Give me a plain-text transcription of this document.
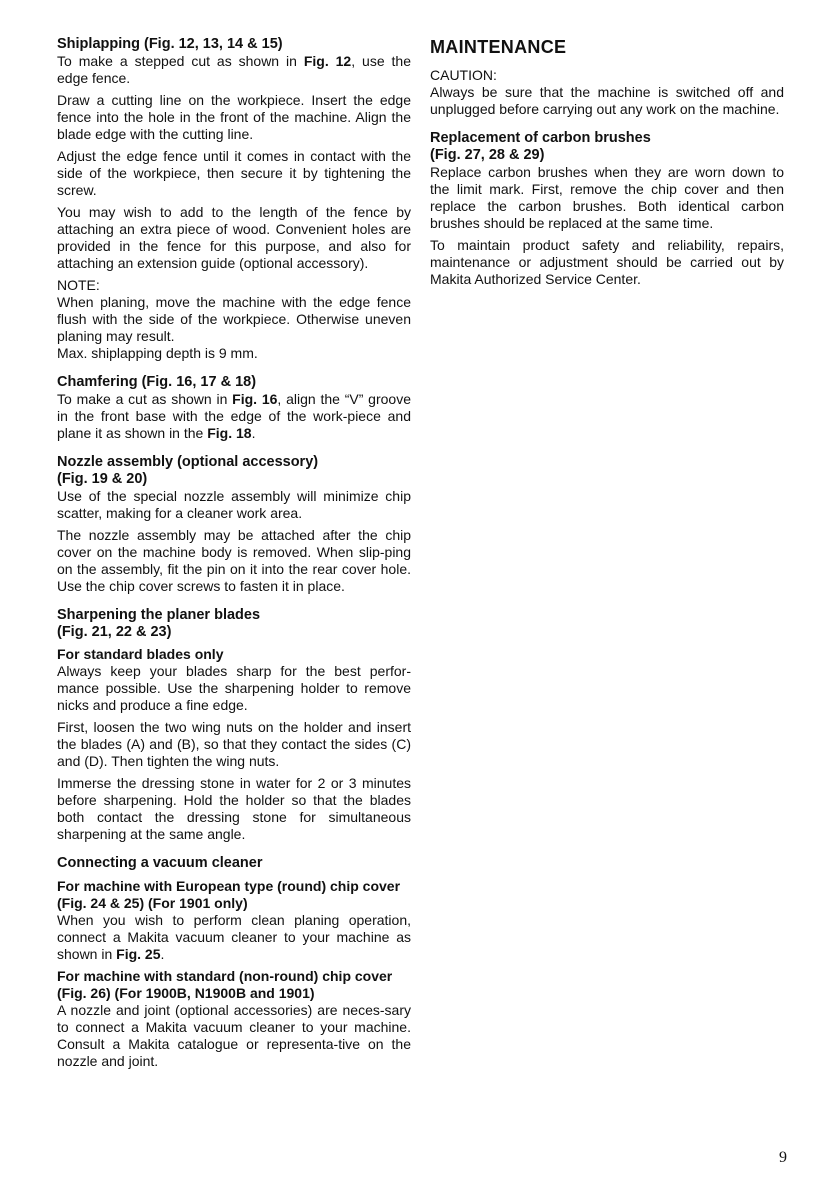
Shiplapping (Fig. 12, 13, 14 & 15)

To make a stepped cut as shown in Fig. 12, use the edge fence.

Draw a cutting line on the workpiece. Insert the edge fence into the hole in the front of the machine. Align the blade edge with the cutting line.

Adjust the edge fence until it comes in contact with the side of the workpiece, then secure it by tightening the screw.

You may wish to add to the length of the fence by attaching an extra piece of wood. Convenient holes are provided in the fence for this purpose, and also for attaching an extension guide (optional accessory).

NOTE:

When planing, move the machine with the edge fence flush with the side of the workpiece. Otherwise uneven planing may result.

Max. shiplapping depth is 9 mm.

Chamfering (Fig. 16, 17 & 18)

To make a cut as shown in Fig. 16, align the “V” groove in the front base with the edge of the work-piece and plane it as shown in the Fig. 18.

Nozzle assembly (optional accessory)
(Fig. 19 & 20)

Use of the special nozzle assembly will minimize chip scatter, making for a cleaner work area.

The nozzle assembly may be attached after the chip cover on the machine body is removed. When slip-ping on the assembly, fit the pin on it into the rear cover hole. Use the chip cover screws to fasten it in place.

Sharpening the planer blades
(Fig. 21, 22 & 23)
For standard blades only

Always keep your blades sharp for the best perfor-mance possible. Use the sharpening holder to remove nicks and produce a fine edge.

First, loosen the two wing nuts on the holder and insert the blades (A) and (B), so that they contact the sides (C) and (D). Then tighten the wing nuts.

Immerse the dressing stone in water for 2 or 3 minutes before sharpening. Hold the holder so that the blades both contact the dressing stone for simultaneous sharpening at the same angle.

Connecting a vacuum cleaner
For machine with European type (round) chip cover (Fig. 24 & 25) (For 1901 only)

When you wish to perform clean planing operation, connect a Makita vacuum cleaner to your machine as shown in Fig. 25.

For machine with standard (non-round) chip cover (Fig. 26) (For 1900B, N1900B and 1901)

A nozzle and joint (optional accessories) are neces-sary to connect a Makita vacuum cleaner to your machine. Consult a Makita catalogue or representa-tive on the nozzle and joint.

MAINTENANCE

CAUTION:

Always be sure that the machine is switched off and unplugged before carrying out any work on the machine.

Replacement of carbon brushes
(Fig. 27, 28 & 29)

Replace carbon brushes when they are worn down to the limit mark. First, remove the chip cover and then replace the carbon brushes. Both identical carbon brushes should be replaced at the same time.

To maintain product safety and reliability, repairs, maintenance or adjustment should be carried out by Makita Authorized Service Center.

9
